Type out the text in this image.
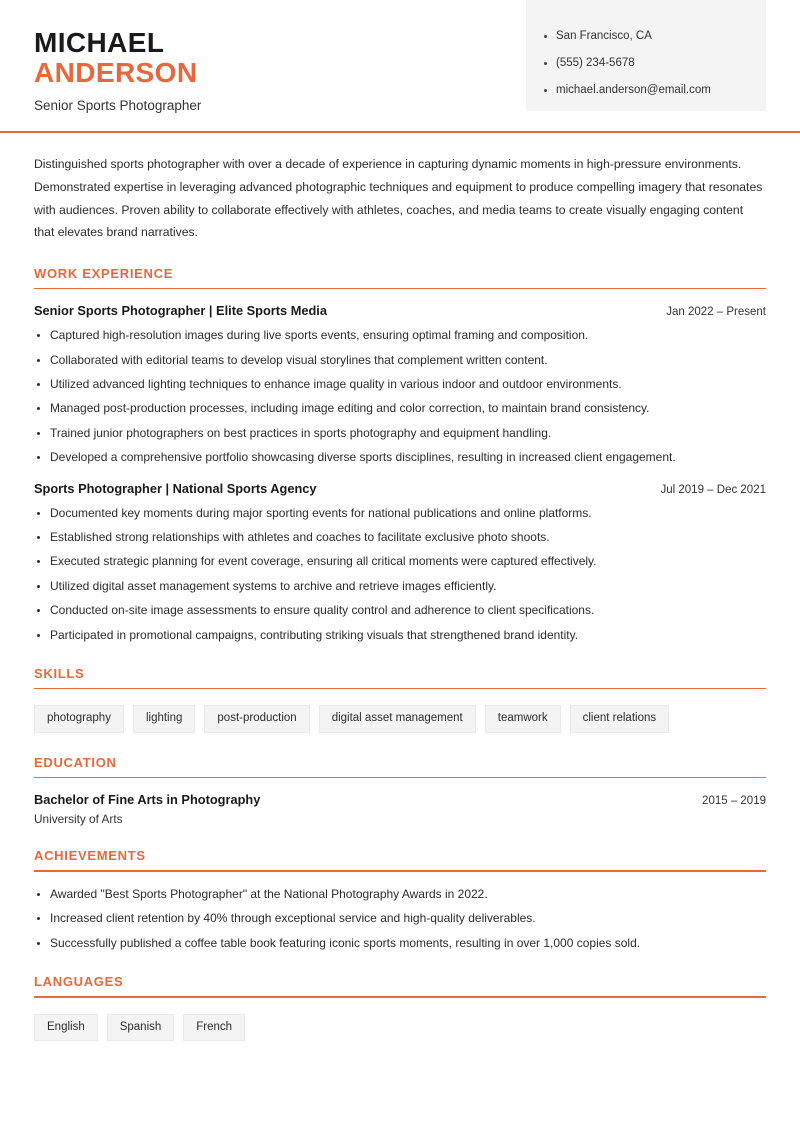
MICHAEL
ANDERSON
Senior Sports Photographer
San Francisco, CA
(555) 234-5678
michael.anderson@email.com
Distinguished sports photographer with over a decade of experience in capturing dynamic moments in high-pressure environments. Demonstrated expertise in leveraging advanced photographic techniques and equipment to produce compelling imagery that resonates with audiences. Proven ability to collaborate effectively with athletes, coaches, and media teams to create visually engaging content that elevates brand narratives.
WORK EXPERIENCE
Senior Sports Photographer | Elite Sports Media	Jan 2022 – Present
Captured high-resolution images during live sports events, ensuring optimal framing and composition.
Collaborated with editorial teams to develop visual storylines that complement written content.
Utilized advanced lighting techniques to enhance image quality in various indoor and outdoor environments.
Managed post-production processes, including image editing and color correction, to maintain brand consistency.
Trained junior photographers on best practices in sports photography and equipment handling.
Developed a comprehensive portfolio showcasing diverse sports disciplines, resulting in increased client engagement.
Sports Photographer | National Sports Agency	Jul 2019 – Dec 2021
Documented key moments during major sporting events for national publications and online platforms.
Established strong relationships with athletes and coaches to facilitate exclusive photo shoots.
Executed strategic planning for event coverage, ensuring all critical moments were captured effectively.
Utilized digital asset management systems to archive and retrieve images efficiently.
Conducted on-site image assessments to ensure quality control and adherence to client specifications.
Participated in promotional campaigns, contributing striking visuals that strengthened brand identity.
SKILLS
photography	lighting	post-production	digital asset management	teamwork	client relations
EDUCATION
Bachelor of Fine Arts in Photography	2015 – 2019
University of Arts
ACHIEVEMENTS
Awarded "Best Sports Photographer" at the National Photography Awards in 2022.
Increased client retention by 40% through exceptional service and high-quality deliverables.
Successfully published a coffee table book featuring iconic sports moments, resulting in over 1,000 copies sold.
LANGUAGES
English	Spanish	French
